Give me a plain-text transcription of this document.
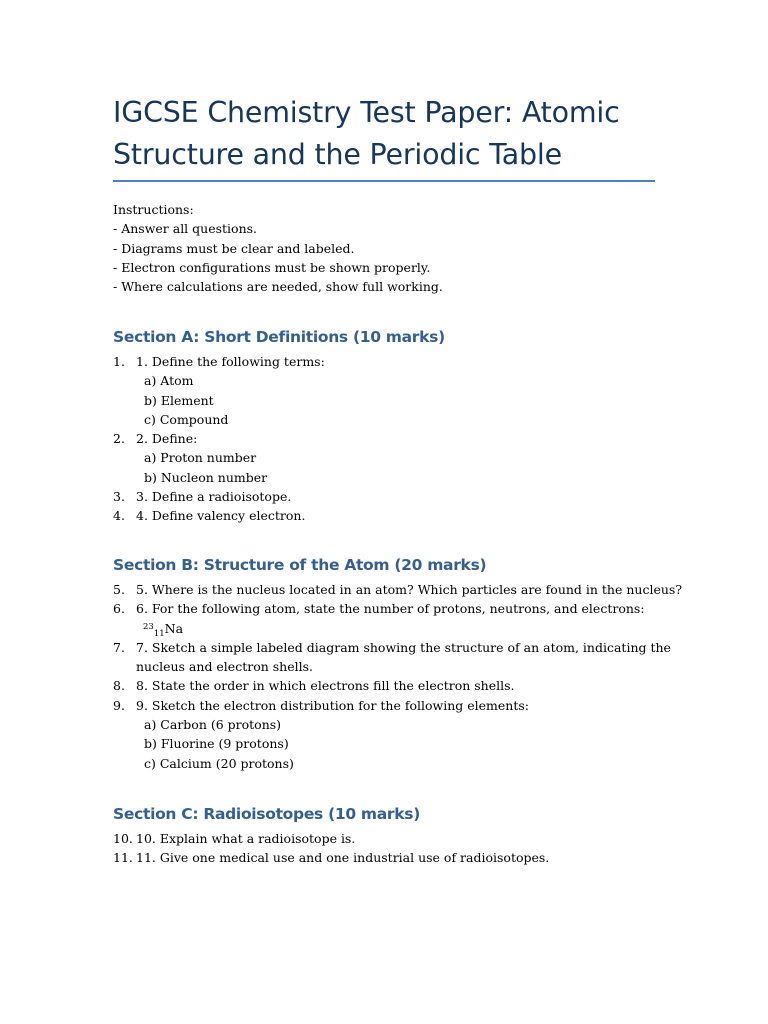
IGCSE Chemistry Test Paper: Atomic Structure and the Periodic Table
Instructions:
- Answer all questions.
- Diagrams must be clear and labeled.
- Electron configurations must be shown properly.
- Where calculations are needed, show full working.
Section A: Short Definitions (10 marks)
1. 1. Define the following terms:
a) Atom
b) Element
c) Compound
2. 2. Define:
a) Proton number
b) Nucleon number
3. 3. Define a radioisotope.
4. 4. Define valency electron.
Section B: Structure of the Atom (20 marks)
5. 5. Where is the nucleus located in an atom? Which particles are found in the nucleus?
6. 6. For the following atom, state the number of protons, neutrons, and electrons:
$^{23}_{11}$Na
7. 7. Sketch a simple labeled diagram showing the structure of an atom, indicating the
nucleus and electron shells.
8. 8. State the order in which electrons fill the electron shells.
9. 9. Sketch the electron distribution for the following elements:
a) Carbon (6 protons)
b) Fluorine (9 protons)
c) Calcium (20 protons)
Section C: Radioisotopes (10 marks)
10. 10. Explain what a radioisotope is.
11. 11. Give one medical use and one industrial use of radioisotopes.
